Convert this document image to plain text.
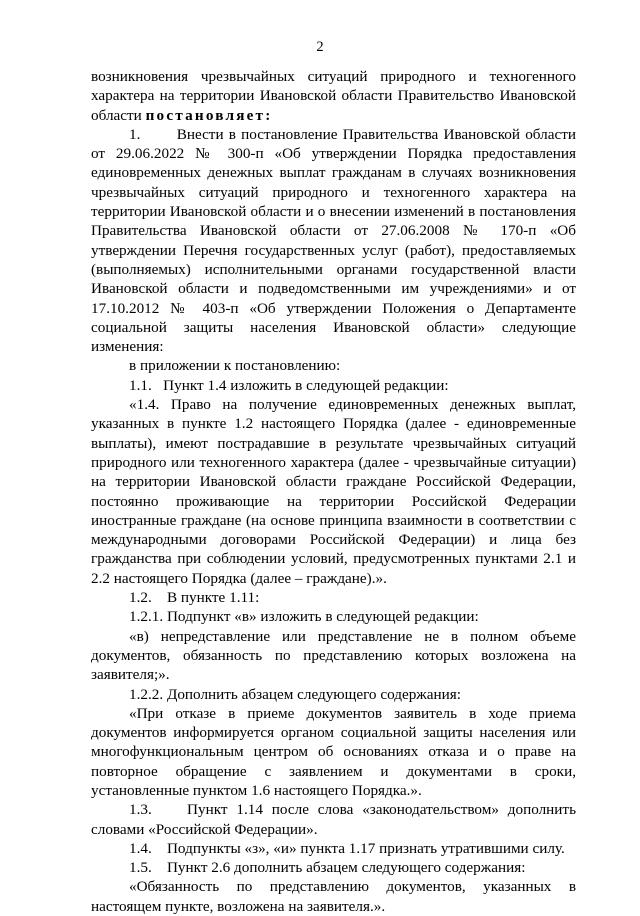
2

возникновения чрезвычайных ситуаций природного и техногенного характера на территории Ивановской области Правительство Ивановской области постановляет:

1.       Внести в постановление Правительства Ивановской области от 29.06.2022 № 300-п «Об утверждении Порядка предоставления единовременных денежных выплат гражданам в случаях возникновения чрезвычайных ситуаций природного и техногенного характера на территории Ивановской области и о внесении изменений в постановления Правительства Ивановской области от 27.06.2008 № 170-п «Об утверждении Перечня государственных услуг (работ), предоставляемых (выполняемых) исполнительными органами государственной власти Ивановской области и подведомственными им учреждениями» и от 17.10.2012 № 403-п «Об утверждении Положения о Департаменте социальной защиты населения Ивановской области» следующие изменения:

в приложении к постановлению:

1.1.   Пункт 1.4 изложить в следующей редакции:

«1.4. Право на получение единовременных денежных выплат, указанных в пункте 1.2 настоящего Порядка (далее - единовременные выплаты), имеют пострадавшие в результате чрезвычайных ситуаций природного или техногенного характера (далее - чрезвычайные ситуации) на территории Ивановской области граждане Российской Федерации, постоянно проживающие на территории Российской Федерации иностранные граждане (на основе принципа взаимности в соответствии с международными договорами Российской Федерации) и лица без гражданства при соблюдении условий, предусмотренных пунктами 2.1 и 2.2 настоящего Порядка (далее – граждане).».

1.2.    В пункте 1.11:

1.2.1. Подпункт «в» изложить в следующей редакции:

«в) непредставление или представление не в полном объеме документов, обязанность по представлению которых возложена на заявителя;».

1.2.2. Дополнить абзацем следующего содержания:

«При отказе в приеме документов заявитель в ходе приема документов информируется органом социальной защиты населения или многофункциональным центром об основаниях отказа и о праве на повторное обращение с заявлением и документами в сроки, установленные пунктом 1.6 настоящего Порядка.».

1.3.    Пункт 1.14 после слова «законодательством» дополнить словами «Российской Федерации».

1.4.    Подпункты «з», «и» пункта 1.17 признать утратившими силу.

1.5.    Пункт 2.6 дополнить абзацем следующего содержания:

«Обязанность по представлению документов, указанных в настоящем пункте, возложена на заявителя.».
